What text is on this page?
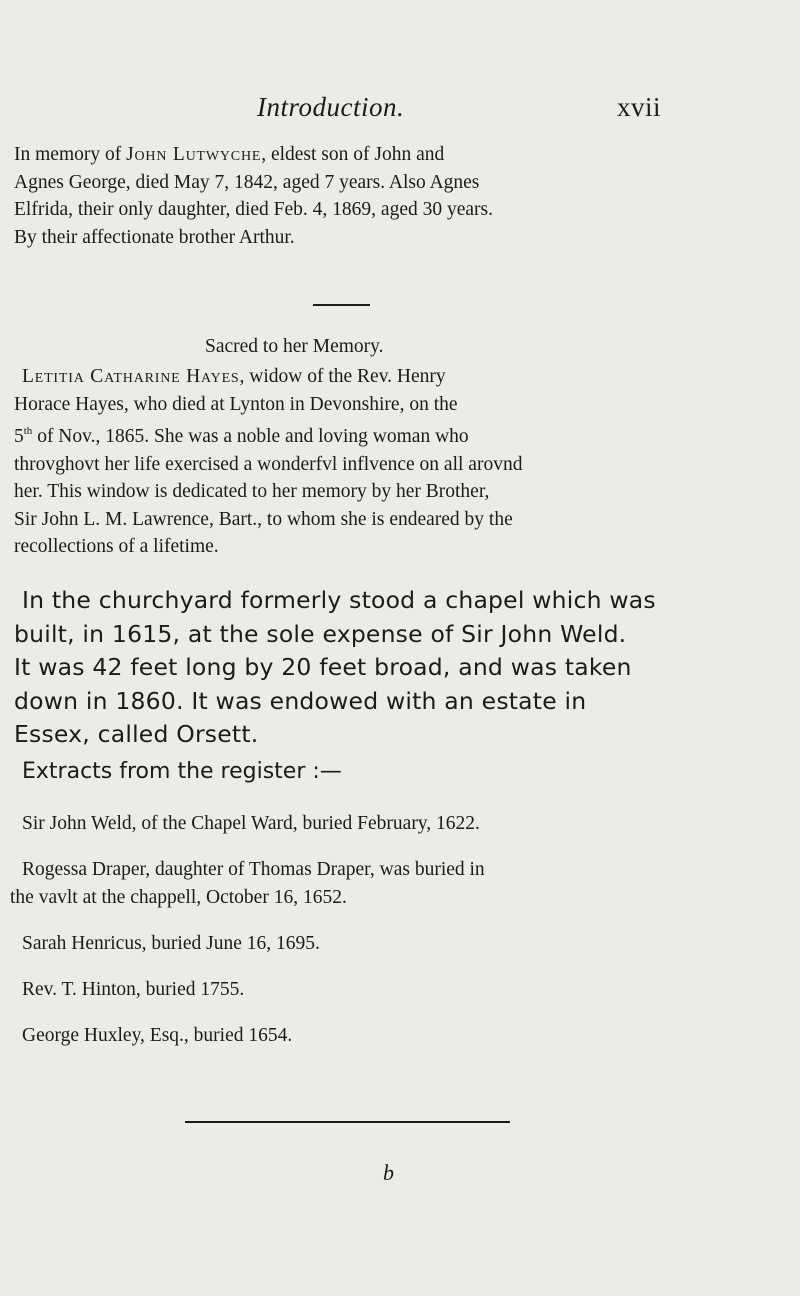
Introduction.	xvii

In memory of John Lutwyche, eldest son of John and
Agnes George, died May 7, 1842, aged 7 years. Also Agnes
Elfrida, their only daughter, died Feb. 4, 1869, aged 30 years.
By their affectionate brother Arthur.

Sacred to her Memory.

Letitia Catharine Hayes, widow of the Rev. Henry
Horace Hayes, who died at Lynton in Devonshire, on the
5th of Nov., 1865. She was a noble and loving woman who
throvghovt her life exercised a wonderfvl inflvence on all arovnd
her. This window is dedicated to her memory by her Brother,
Sir John L. M. Lawrence, Bart., to whom she is endeared by the
recollections of a lifetime.

In the churchyard formerly stood a chapel which was
built, in 1615, at the sole expense of Sir John Weld.
It was 42 feet long by 20 feet broad, and was taken
down in 1860. It was endowed with an estate in
Essex, called Orsett.
Extracts from the register :—
Sir John Weld, of the Chapel Ward, buried February, 1622.
Rogessa Draper, daughter of Thomas Draper, was buried in
the vavlt at the chappell, October 16, 1652.
Sarah Henricus, buried June 16, 1695.
Rev. T. Hinton, buried 1755.
George Huxley, Esq., buried 1654.
b
